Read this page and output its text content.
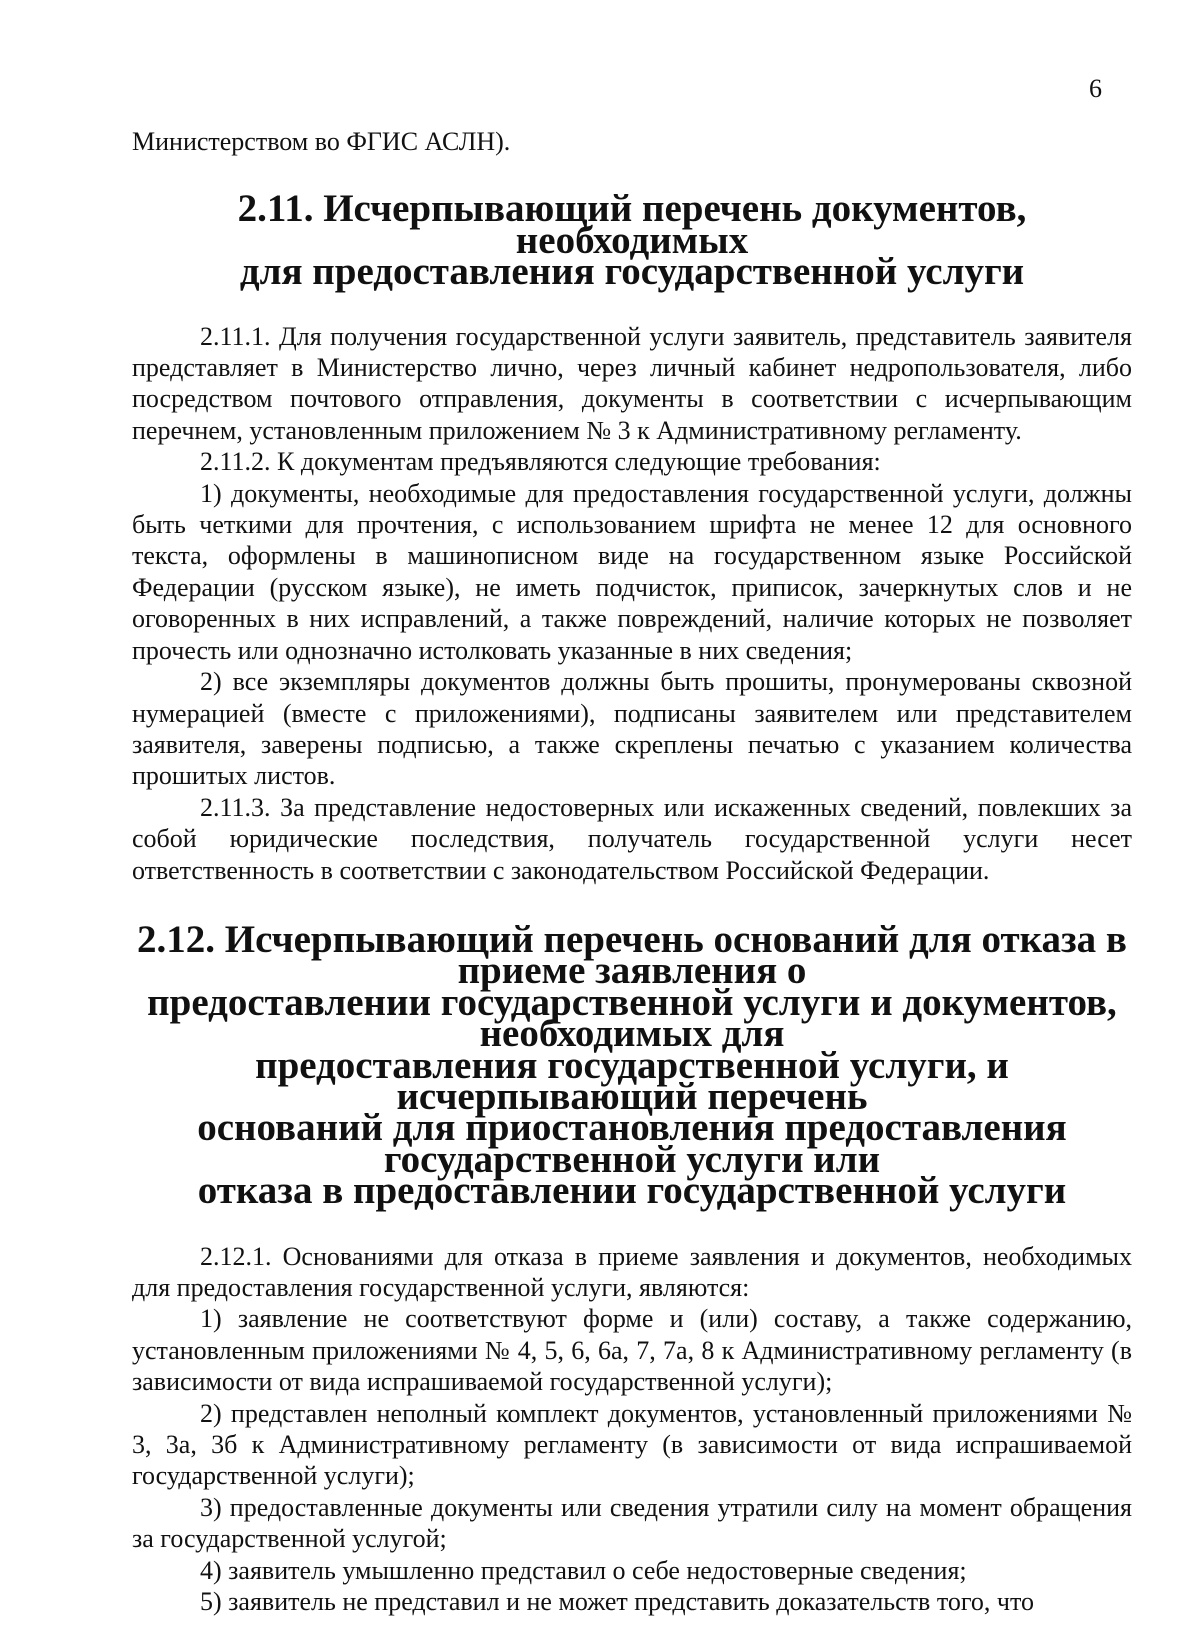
6

Министерством во ФГИС АСЛН).

2.11. Исчерпывающий перечень документов, необходимых
для предоставления государственной услуги

2.11.1. Для получения государственной услуги заявитель, представитель заявителя представляет в Министерство лично, через личный кабинет недропользователя, либо посредством почтового отправления, документы в соответствии с исчерпывающим перечнем, установленным приложением № 3 к Административному регламенту.

2.11.2. К документам предъявляются следующие требования:

1) документы, необходимые для предоставления государственной услуги, должны быть четкими для прочтения, с использованием шрифта не менее 12 для основного текста, оформлены в машинописном виде на государственном языке Российской Федерации (русском языке), не иметь подчисток, приписок, зачеркнутых слов и не оговоренных в них исправлений, а также повреждений, наличие которых не позволяет прочесть или однозначно истолковать указанные в них сведения;

2) все экземпляры документов должны быть прошиты, пронумерованы сквозной нумерацией (вместе с приложениями), подписаны заявителем или представителем заявителя, заверены подписью, а также скреплены печатью с указанием количества прошитых листов.

2.11.3. За представление недостоверных или искаженных сведений, повлекших за собой юридические последствия, получатель государственной услуги несет ответственность в соответствии с законодательством Российской Федерации.

2.12. Исчерпывающий перечень оснований для отказа в приеме заявления о
предоставлении государственной услуги и документов, необходимых для
предоставления государственной услуги, и исчерпывающий перечень
оснований для приостановления предоставления государственной услуги или
отказа в предоставлении государственной услуги

2.12.1. Основаниями для отказа в приеме заявления и документов, необходимых для предоставления государственной услуги, являются:

1) заявление не соответствуют форме и (или) составу, а также содержанию, установленным приложениями № 4, 5, 6, 6а, 7, 7а, 8 к Административному регламенту (в зависимости от вида испрашиваемой государственной услуги);

2) представлен неполный комплект документов, установленный приложениями № 3, 3а, 3б к Административному регламенту (в зависимости от вида испрашиваемой государственной услуги);

3) предоставленные документы или сведения утратили силу на момент обращения за государственной услугой;

4) заявитель умышленно представил о себе недостоверные сведения;

5) заявитель не представил и не может представить доказательств того, что
